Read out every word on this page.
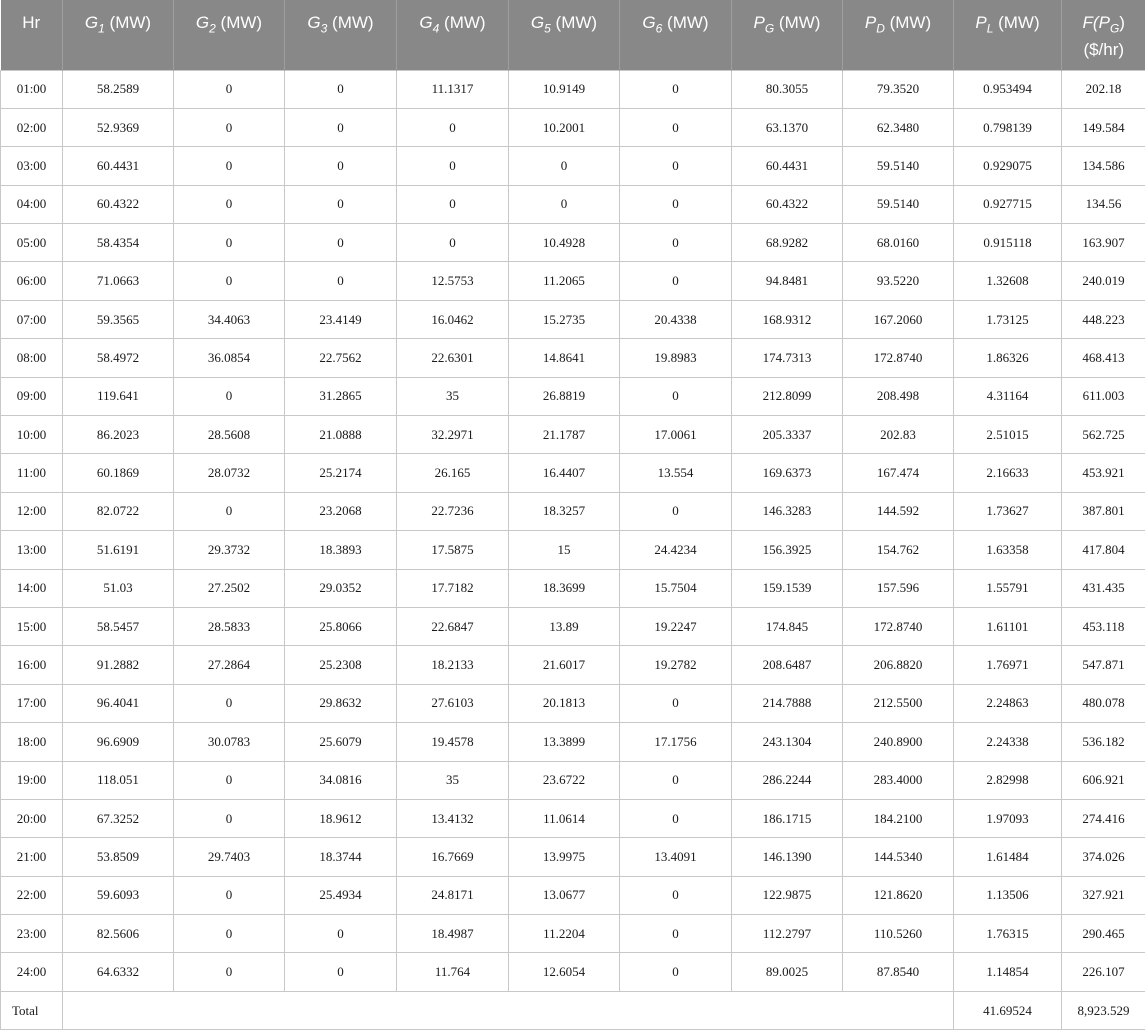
Hr	$G_1$ (MW)	$G_2$ (MW)	$G_3$ (MW)	$G_4$ (MW)	$G_5$ (MW)	$G_6$ (MW)	$P_G$ (MW)	$P_D$ (MW)	$P_L$ (MW)	$F(P_G)$
($/hr)
01:00	58.2589	0	0	11.1317	10.9149	0	80.3055	79.3520	0.953494	202.18
02:00	52.9369	0	0	0	10.2001	0	63.1370	62.3480	0.798139	149.584
03:00	60.4431	0	0	0	0	0	60.4431	59.5140	0.929075	134.586
04:00	60.4322	0	0	0	0	0	60.4322	59.5140	0.927715	134.56
05:00	58.4354	0	0	0	10.4928	0	68.9282	68.0160	0.915118	163.907
06:00	71.0663	0	0	12.5753	11.2065	0	94.8481	93.5220	1.32608	240.019
07:00	59.3565	34.4063	23.4149	16.0462	15.2735	20.4338	168.9312	167.2060	1.73125	448.223
08:00	58.4972	36.0854	22.7562	22.6301	14.8641	19.8983	174.7313	172.8740	1.86326	468.413
09:00	119.641	0	31.2865	35	26.8819	0	212.8099	208.498	4.31164	611.003
10:00	86.2023	28.5608	21.0888	32.2971	21.1787	17.0061	205.3337	202.83	2.51015	562.725
11:00	60.1869	28.0732	25.2174	26.165	16.4407	13.554	169.6373	167.474	2.16633	453.921
12:00	82.0722	0	23.2068	22.7236	18.3257	0	146.3283	144.592	1.73627	387.801
13:00	51.6191	29.3732	18.3893	17.5875	15	24.4234	156.3925	154.762	1.63358	417.804
14:00	51.03	27.2502	29.0352	17.7182	18.3699	15.7504	159.1539	157.596	1.55791	431.435
15:00	58.5457	28.5833	25.8066	22.6847	13.89	19.2247	174.845	172.8740	1.61101	453.118
16:00	91.2882	27.2864	25.2308	18.2133	21.6017	19.2782	208.6487	206.8820	1.76971	547.871
17:00	96.4041	0	29.8632	27.6103	20.1813	0	214.7888	212.5500	2.24863	480.078
18:00	96.6909	30.0783	25.6079	19.4578	13.3899	17.1756	243.1304	240.8900	2.24338	536.182
19:00	118.051	0	34.0816	35	23.6722	0	286.2244	283.4000	2.82998	606.921
20:00	67.3252	0	18.9612	13.4132	11.0614	0	186.1715	184.2100	1.97093	274.416
21:00	53.8509	29.7403	18.3744	16.7669	13.9975	13.4091	146.1390	144.5340	1.61484	374.026
22:00	59.6093	0	25.4934	24.8171	13.0677	0	122.9875	121.8620	1.13506	327.921
23:00	82.5606	0	0	18.4987	11.2204	0	112.2797	110.5260	1.76315	290.465
24:00	64.6332	0	0	11.764	12.6054	0	89.0025	87.8540	1.14854	226.107
Total									41.69524	8,923.529
